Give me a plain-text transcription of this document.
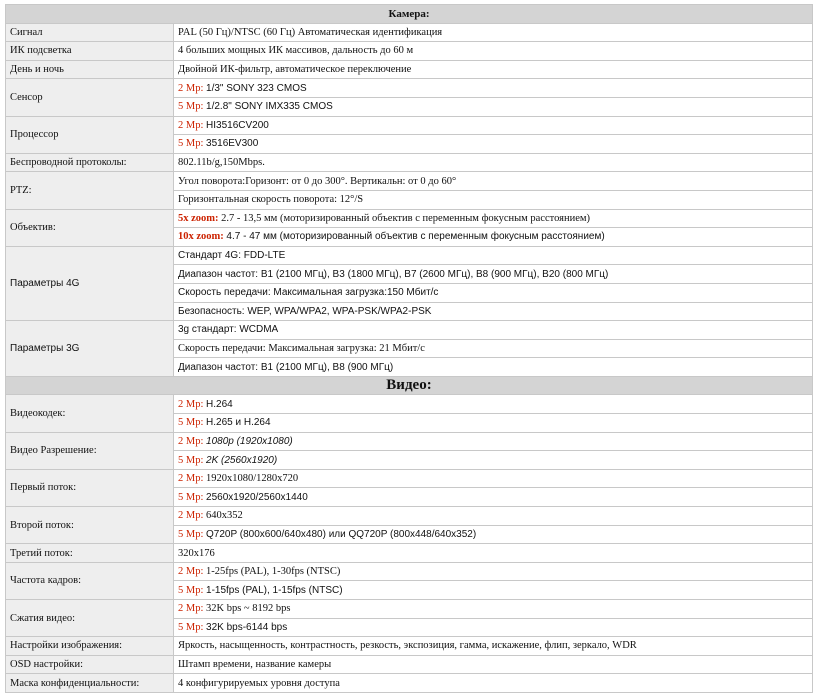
Камера:	
Сигнал	PAL (50 Гц)/NTSC (60 Гц) Автоматическая идентификация
ИК подсветка	4 больших мощных ИК массивов, дальность до 60 м
День и ночь	Двойной ИК-фильтр, автоматическое переключение
Сенсор	2 Мр: 1/3" SONY 323 CMOS
	5 Мр: 1/2.8" SONY IMX335 CMOS
Процессор	2 Мр: HI3516CV200
	5 Мр: 3516EV300
Беспроводной протоколы:	802.11b/g,150Mbps.
PTZ:	Угол поворота:Горизонт: от 0 до 300°. Вертикальн: от 0 до 60°
	Горизонтальная скорость поворота: 12°/S
Объектив:	5x zoom: 2.7 - 13,5 мм (моторизированный объектив с переменным фокусным расстоянием)
	10x zoom: 4.7 - 47 мм (моторизированный объектив с переменным фокусным расстоянием)
Параметры 4G	Стандарт 4G: FDD-LTE
	Диапазон частот: B1 (2100 МГц), B3 (1800 МГц), B7 (2600 МГц), B8 (900 МГц), B20 (800 МГц)
	Скорость передачи: Максимальная загрузка:150 Мбит/с
	Безопасность: WEP, WPA/WPA2, WPA-PSK/WPA2-PSK
Параметры 3G	3g стандарт: WCDMA
	Скорость передачи: Максимальная загрузка: 21 Мбит/с
	Диапазон частот: B1 (2100 МГц), B8 (900 МГц)
Видео:	
Видеокодек:	2 Мр: H.264
	5 Мр: H.265 и H.264
Видео Разрешение:	2 Мр: 1080p (1920x1080)
	5 Мр: 2K (2560x1920)
Первый поток:	2 Мр: 1920x1080/1280x720
	5 Мр: 2560x1920/2560x1440
Второй поток:	2 Мр: 640x352
	5 Мр: Q720P (800x600/640x480) или QQ720P (800x448/640x352)
Третий поток:	320x176
Частота кадров:	2 Мр: 1-25fps (PAL), 1-30fps (NTSC)
	5 Мр: 1-15fps (PAL), 1-15fps (NTSC)
Сжатия видео:	2 Мр: 32K bps ~ 8192 bps
	5 Мр: 32K bps-6144 bps
Настройки изображения:	Яркость, насыщенность, контрастность, резкость, экспозиция, гамма, искажение, флип, зеркало, WDR
OSD настройки:	Штамп времени, название камеры
Маска конфиденциальности:	4 конфигурируемых уровня доступа
